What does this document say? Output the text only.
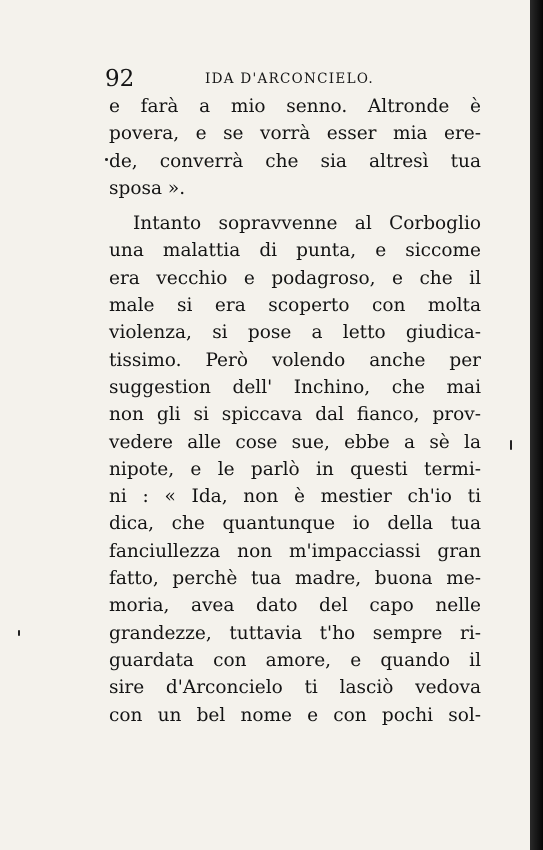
92	IDA D'ARCONCIELO.
e farà a mio senno. Altronde è
povera, e se vorrà esser mia ere-
de, converrà che sia altresì tua
sposa ».
Intanto sopravvenne al Corboglio
una malattia di punta, e siccome
era vecchio e podagroso, e che il
male si era scoperto con molta
violenza, si pose a letto giudica-
tissimo. Però volendo anche per
suggestion dell' Inchino, che mai
non gli si spiccava dal fianco, prov-
vedere alle cose sue, ebbe a sè la
nipote, e le parlò in questi termi-
ni : « Ida, non è mestier ch'io ti
dica, che quantunque io della tua
fanciullezza non m'impacciassi gran
fatto, perchè tua madre, buona me-
moria, avea dato del capo nelle
grandezze, tuttavia t'ho sempre ri-
guardata con amore, e quando il
sire d'Arconcielo ti lasciò vedova
con un bel nome e con pochi sol-
